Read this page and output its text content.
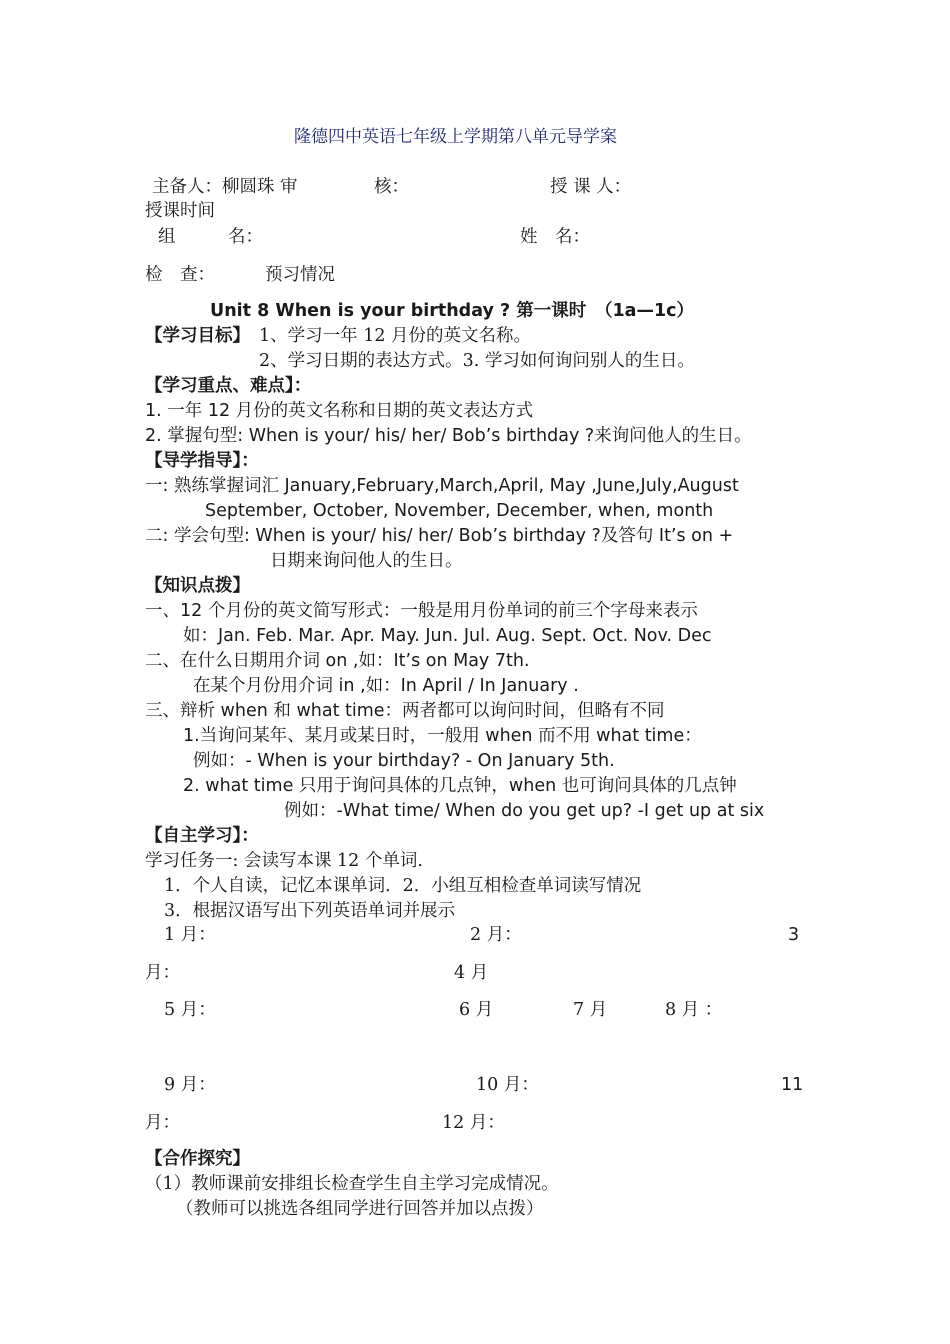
隆德四中英语七年级上学期第八单元导学案
主备人：柳圆珠 审	核：	授 课 人：
授课时间
组　　　名：	姓　名：
检　查：	预习情况
Unit 8 When is your birthday ? 第一课时　（1a—1c）
【学习目标】 1、学习一年 12 月份的英文名称。
2、学习日期的表达方式。3. 学习如何询问别人的生日。
【学习重点、难点】：
1. 一年 12 月份的英文名称和日期的英文表达方式
2. 掌握句型: When is your/ his/ her/ Bob’s birthday ?来询问他人的生日。
【导学指导】：
一: 熟练掌握词汇 January,February,March,April, May ,June,July,August
September, October, November, December, when, month
二: 学会句型: When is your/ his/ her/ Bob’s birthday ?及答句 It’s on +
日期来询问他人的生日。
【知识点拨】
一、12 个月份的英文简写形式：一般是用月份单词的前三个字母来表示
如：Jan. Feb. Mar. Apr. May. Jun. Jul. Aug. Sept. Oct. Nov. Dec
二、在什么日期用介词 on ,如：It’s on May 7th.
在某个月份用介词 in ,如：In April / In January .
三、辩析 when 和 what time：两者都可以询问时间，但略有不同
1.当询问某年、某月或某日时，一般用 when 而不用 what time：
例如：- When is your birthday? - On January 5th.
2. what time 只用于询问具体的几点钟，when 也可询问具体的几点钟
例如：-What time/ When do you get up? -I get up at six
【自主学习】：
学习任务一: 会读写本课 12 个单词.
1．个人自读，记忆本课单词．2．小组互相检查单词读写情况
3．根据汉语写出下列英语单词并展示
1 月：	2 月：	3
月：	4 月
5 月：	6 月	7 月	8 月 ：
9 月：	10 月：	11
月：	12 月：
【合作探究】
（1）教师课前安排组长检查学生自主学习完成情况。
（教师可以挑选各组同学进行回答并加以点拨）
